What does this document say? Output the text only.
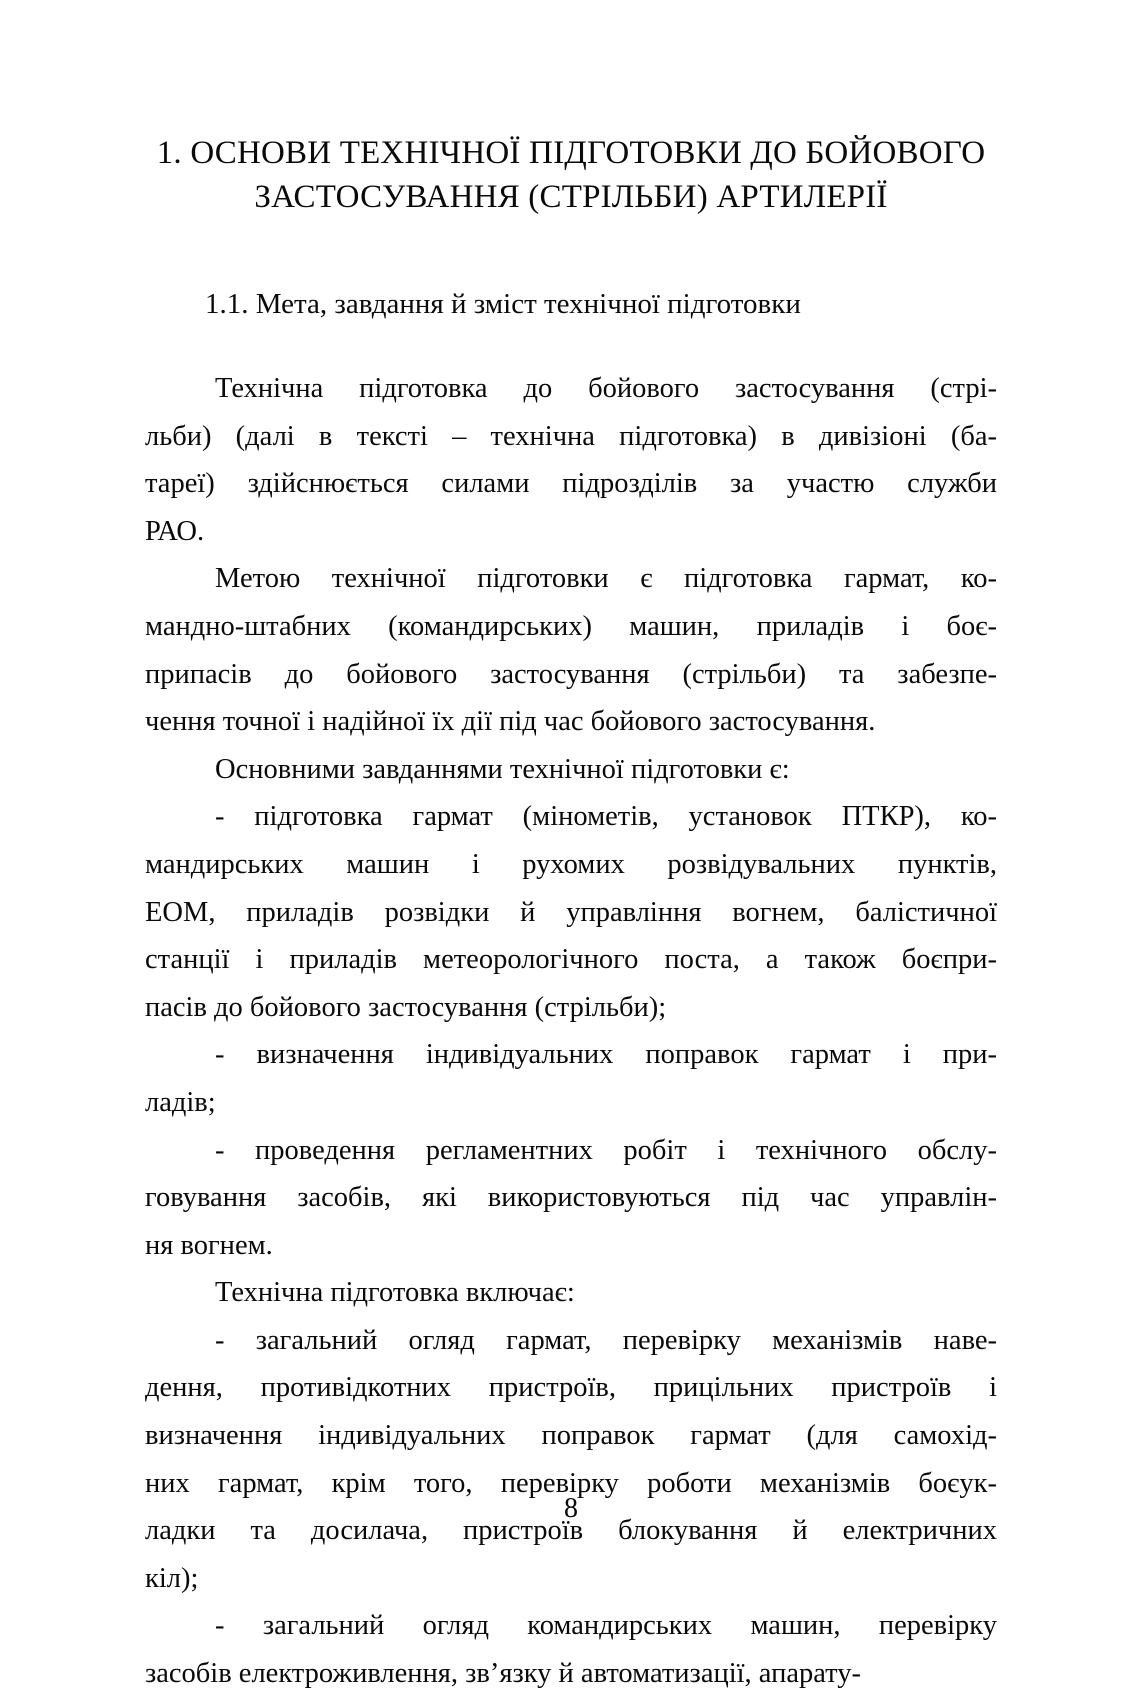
1. ОСНОВИ ТЕХНІЧНОЇ ПІДГОТОВКИ ДО БОЙОВОГО
ЗАСТОСУВАННЯ (СТРІЛЬБИ) АРТИЛЕРІЇ
1.1. Мета, завдання й зміст технічної підготовки

Технічна підготовка до бойового застосування (стрі-
льби) (далі в тексті – технічна підготовка) в дивізіоні (ба-
тареї) здійснюється силами підрозділів за участю служби
РАО.

Метою технічної підготовки є підготовка гармат, ко-
мандно-штабних (командирських) машин, приладів і боє-
припасів до бойового застосування (стрільби) та забезпе-
чення точної і надійної їх дії під час бойового застосування.

Основними завданнями технічної підготовки є:

- підготовка гармат (мінометів, установок ПТКР), ко-
мандирських машин і рухомих розвідувальних пунктів,
ЕОМ, приладів розвідки й управління вогнем, балістичної
станції і приладів метеорологічного поста, а також боєпри-
пасів до бойового застосування (стрільби);

- визначення індивідуальних поправок гармат і при-
ладів;

- проведення регламентних робіт і технічного обслу-
говування засобів, які використовуються під час управлін-
ня вогнем.

Технічна підготовка включає:

- загальний огляд гармат, перевірку механізмів наве-
дення, противідкотних пристроїв, прицільних пристроїв і
визначення індивідуальних поправок гармат (для самохід-
них гармат, крім того, перевірку роботи механізмів боєук-
ладки та досилача, пристроїв блокування й електричних
кіл);

- загальний огляд командирських машин, перевірку
засобів електроживлення, зв’язку й автоматизації, апарату-

8
